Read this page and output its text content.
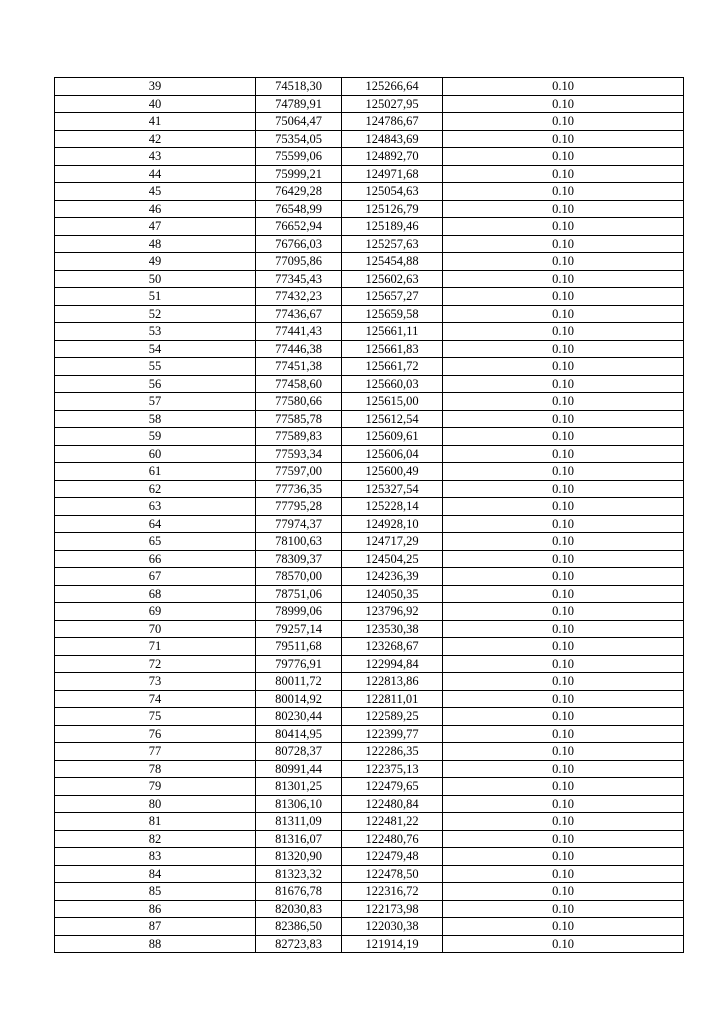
39	74518,30	125266,64	0.10
40	74789,91	125027,95	0.10
41	75064,47	124786,67	0.10
42	75354,05	124843,69	0.10
43	75599,06	124892,70	0.10
44	75999,21	124971,68	0.10
45	76429,28	125054,63	0.10
46	76548,99	125126,79	0.10
47	76652,94	125189,46	0.10
48	76766,03	125257,63	0.10
49	77095,86	125454,88	0.10
50	77345,43	125602,63	0.10
51	77432,23	125657,27	0.10
52	77436,67	125659,58	0.10
53	77441,43	125661,11	0.10
54	77446,38	125661,83	0.10
55	77451,38	125661,72	0.10
56	77458,60	125660,03	0.10
57	77580,66	125615,00	0.10
58	77585,78	125612,54	0.10
59	77589,83	125609,61	0.10
60	77593,34	125606,04	0.10
61	77597,00	125600,49	0.10
62	77736,35	125327,54	0.10
63	77795,28	125228,14	0.10
64	77974,37	124928,10	0.10
65	78100,63	124717,29	0.10
66	78309,37	124504,25	0.10
67	78570,00	124236,39	0.10
68	78751,06	124050,35	0.10
69	78999,06	123796,92	0.10
70	79257,14	123530,38	0.10
71	79511,68	123268,67	0.10
72	79776,91	122994,84	0.10
73	80011,72	122813,86	0.10
74	80014,92	122811,01	0.10
75	80230,44	122589,25	0.10
76	80414,95	122399,77	0.10
77	80728,37	122286,35	0.10
78	80991,44	122375,13	0.10
79	81301,25	122479,65	0.10
80	81306,10	122480,84	0.10
81	81311,09	122481,22	0.10
82	81316,07	122480,76	0.10
83	81320,90	122479,48	0.10
84	81323,32	122478,50	0.10
85	81676,78	122316,72	0.10
86	82030,83	122173,98	0.10
87	82386,50	122030,38	0.10
88	82723,83	121914,19	0.10
